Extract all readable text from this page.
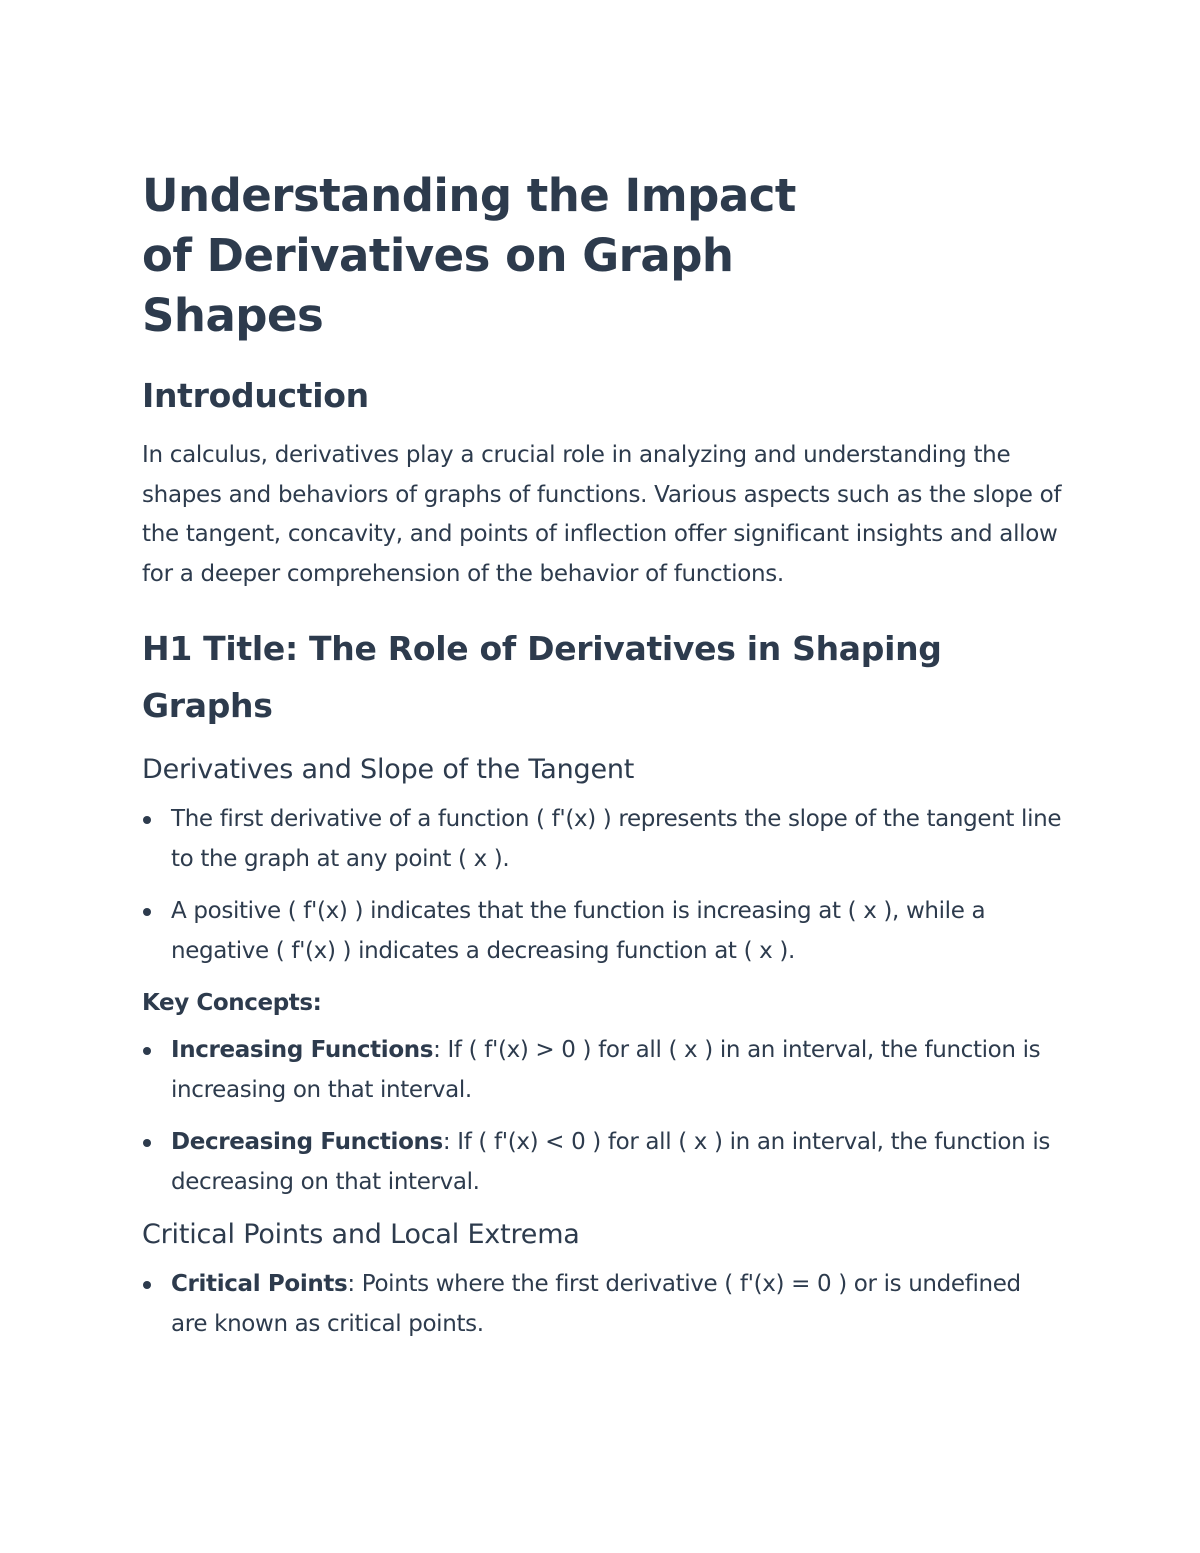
Understanding the Impact of Derivatives on Graph Shapes
Introduction

In calculus, derivatives play a crucial role in analyzing and understanding the shapes and behaviors of graphs of functions. Various aspects such as the slope of the tangent, concavity, and points of inflection offer significant insights and allow for a deeper comprehension of the behavior of functions.

H1 Title: The Role of Derivatives in Shaping Graphs
Derivatives and Slope of the Tangent
The first derivative of a function ( f'(x) ) represents the slope of the tangent line to the graph at any point ( x ).
A positive ( f'(x) ) indicates that the function is increasing at ( x ), while a negative ( f'(x) ) indicates a decreasing function at ( x ).
Key Concepts:
Increasing Functions: If ( f'(x) > 0 ) for all ( x ) in an interval, the function is increasing on that interval.
Decreasing Functions: If ( f'(x) < 0 ) for all ( x ) in an interval, the function is decreasing on that interval.
Critical Points and Local Extrema
Critical Points: Points where the first derivative ( f'(x) = 0 ) or is undefined are known as critical points.
